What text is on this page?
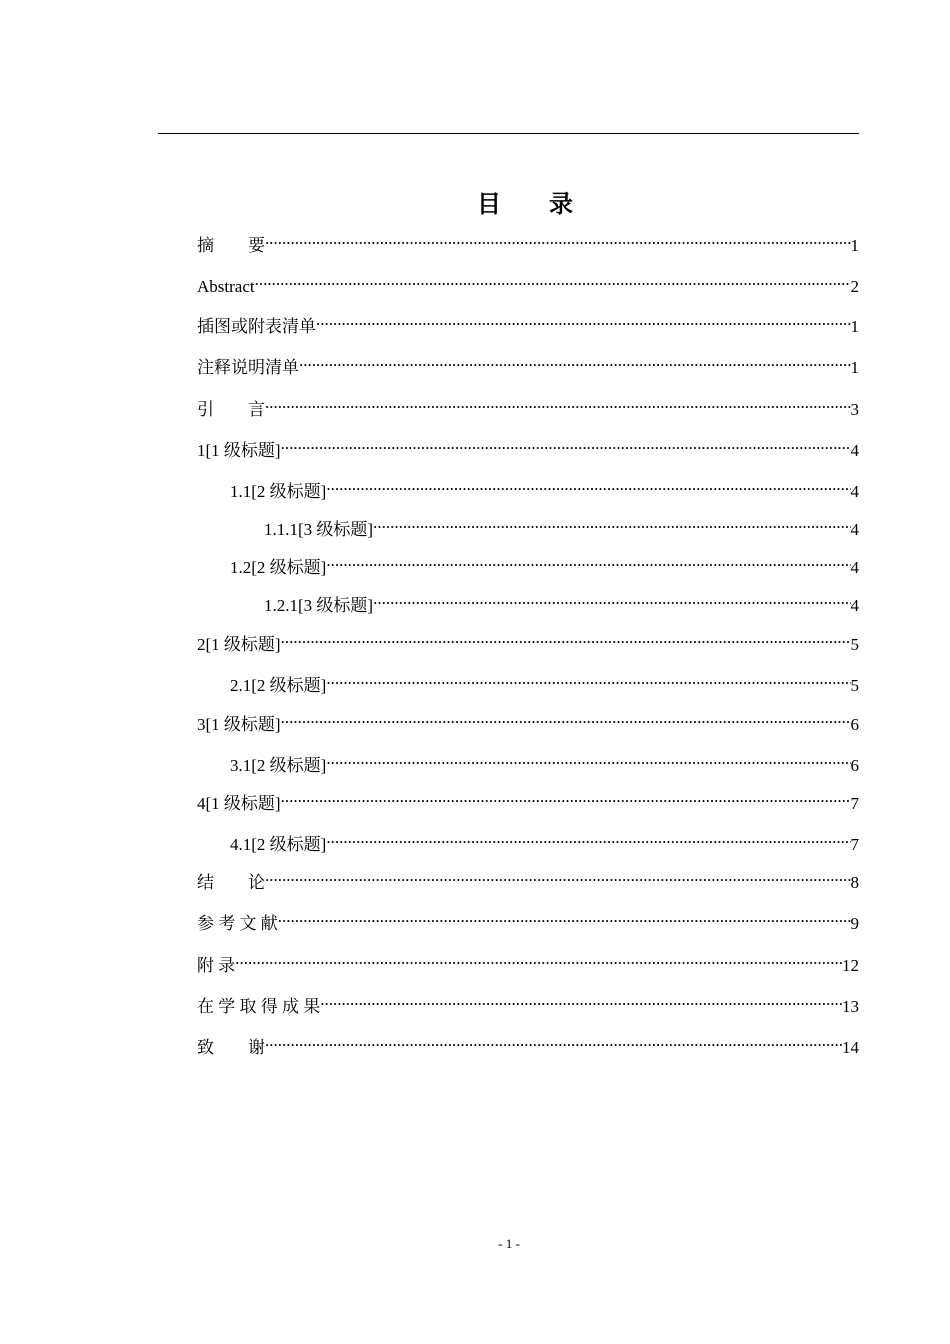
目　　录
摘　　要 .....	1
Abstract .....	2
插图或附表清单 .....	1
注释说明清单 .....	1
引　　言 .....	3
1[1 级标题] .....	4
1.1[2 级标题] .....	4
1.1.1[3 级标题] .....	4
1.2[2 级标题] .....	4
1.2.1[3 级标题] .....	4
2[1 级标题] .....	5
2.1[2 级标题] .....	5
3[1 级标题] .....	6
3.1[2 级标题] .....	6
4[1 级标题] .....	7
4.1[2 级标题] .....	7
结　　论 .....	8
参 考 文 献 .....	9
附 录 .....	12
在 学 取 得 成 果 .....	13
致　　谢 .....	14
- 1 -
